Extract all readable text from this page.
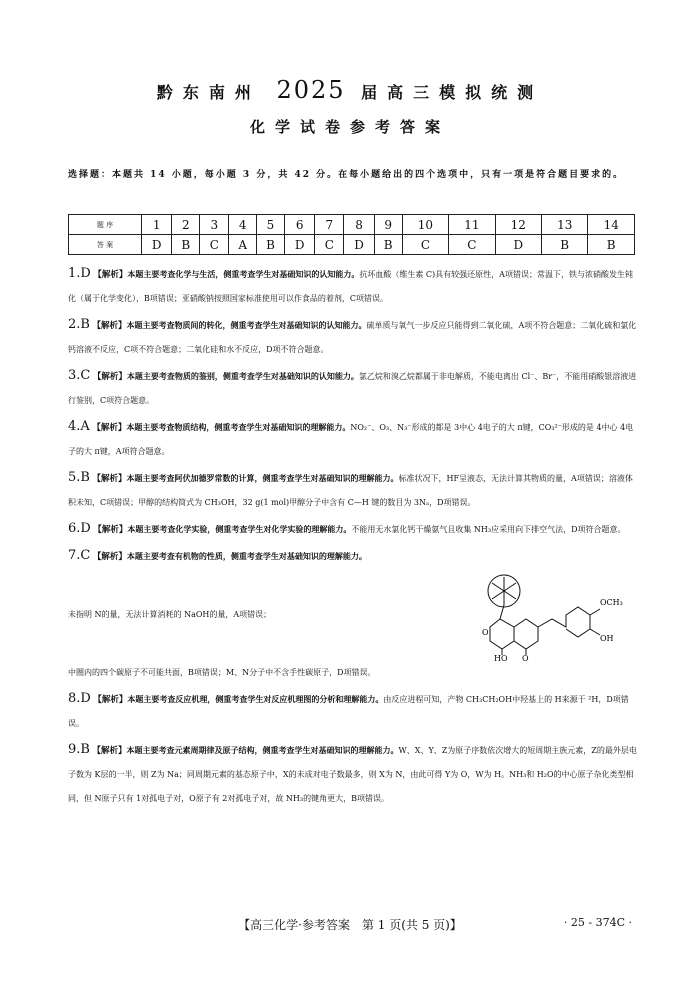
黔东南州 2025 届高三模拟统测
化学试卷参考答案
选择题：本题共 14 小题，每小题 3 分，共 42 分。在每小题给出的四个选项中，只有一项是符合题目要求的。
题 序	1	2	3	4	5	6	7	8	9	10	11	12	13	14
答 案	D	B	C	A	B	D	C	D	B	C	C	D	B	B
1.D 【解析】本题主要考查化学与生活，侧重考查学生对基础知识的认知能力。抗坏血酸（维生素 C)具有较强还原性，A项错误；常温下，铁与浓硝酸发生钝化（属于化学变化），B项错误；亚硝酸钠按照国家标准使用可以作食品的着剂，C项错误。
2.B 【解析】本题主要考查物质间的转化，侧重考查学生对基础知识的认知能力。硫单质与氧气一步反应只能得到二氧化硫，A项不符合题意；二氧化硫和氯化钙溶液不反应，C项不符合题意；二氧化硅和水不反应，D项不符合题意。
3.C 【解析】本题主要考查物质的鉴别，侧重考查学生对基础知识的认知能力。氯乙烷和溴乙烷都属于非电解质，不能电离出 Cl⁻、Br⁻，不能用硝酸银溶液进行鉴别，C项符合题意。
4.A 【解析】本题主要考查物质结构，侧重考查学生对基础知识的理解能力。NO₂⁻、O₃、N₃⁻形成的都是 3中心 4电子的大 π键，CO₃²⁻形成的是 4中心 4电子的大 π键，A项符合题意。
5.B 【解析】本题主要考查阿伏加德罗常数的计算，侧重考查学生对基础知识的理解能力。标准状况下，HF呈液态，无法计算其物质的量，A项错误；溶液体积未知，C项错误；甲醇的结构简式为 CH₃OH，32 g(1 mol)甲醇分子中含有 C—H 键的数目为 3Nₐ，D项错误。
6.D 【解析】本题主要考查化学实验，侧重考查学生对化学实验的理解能力。不能用无水氯化钙干燥氨气且收集 NH₃应采用向下排空气法，D项符合题意。
7.C 【解析】本题主要考查有机物的性质，侧重考查学生对基础知识的理解能力。
未指明 N的量，无法计算消耗的 NaOH的量，A项错误；
OCH₃
OH
HO O
O
中圈内的四个碳原子不可能共面，B项错误；M、N分子中不含手性碳原子，D项错误。
8.D 【解析】本题主要考查反应机理，侧重考查学生对反应机理图的分析和理解能力。由反应进程可知，产物 CH₃CH₂OH中羟基上的 H来源于 ²H，D项错误。
9.B 【解析】本题主要考查元素周期律及原子结构，侧重考查学生对基础知识的理解能力。W、X、Y、Z为原子序数依次增大的短周期主族元素，Z的最外层电子数为 K层的一半，则 Z为 Na；同周期元素的基态原子中，X的未成对电子数最多，则 X为 N，由此可得 Y为 O，W为 H。NH₃和 H₂O的中心原子杂化类型相同，但 N原子只有 1对孤电子对，O原子有 2对孤电子对，故 NH₃的键角更大，B项错误。
【高三化学·参考答案　第 1 页(共 5 页)】	· 25 - 374C ·
